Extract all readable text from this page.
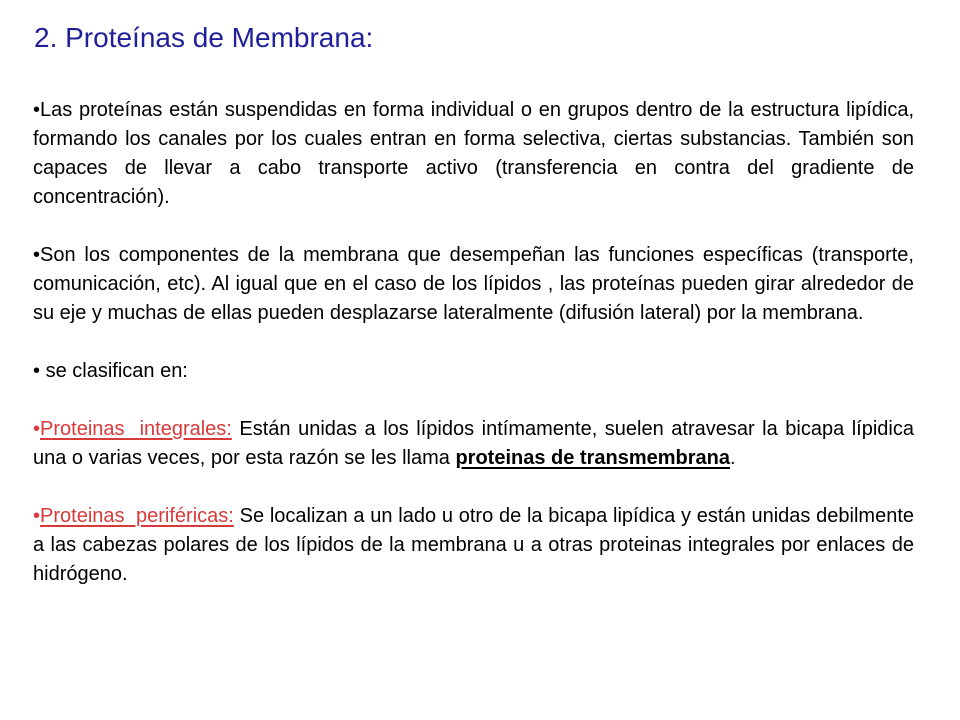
2. Proteínas de Membrana:

•Las proteínas están suspendidas en forma individual o en grupos dentro de la estructura lipídica, formando los canales por los cuales entran en forma selectiva, ciertas substancias. También son capaces de llevar a cabo transporte activo (transferencia en contra del gradiente de concentración).

•Son los componentes de la membrana que desempeñan las funciones específicas (transporte, comunicación, etc). Al igual que en el caso de los lípidos , las proteínas pueden girar alrededor de su eje y muchas de ellas pueden desplazarse lateralmente (difusión lateral) por la membrana.

• se clasifican en:

•Proteinas  integrales: Están unidas a los lípidos intímamente, suelen atravesar la bicapa lípidica una o varias veces, por esta razón se les llama proteinas de transmembrana.

•Proteinas  periféricas: Se localizan a un lado u otro de la bicapa lipídica y están unidas debilmente a las cabezas polares de los lípidos de la membrana u a otras proteinas integrales por enlaces de hidrógeno.
